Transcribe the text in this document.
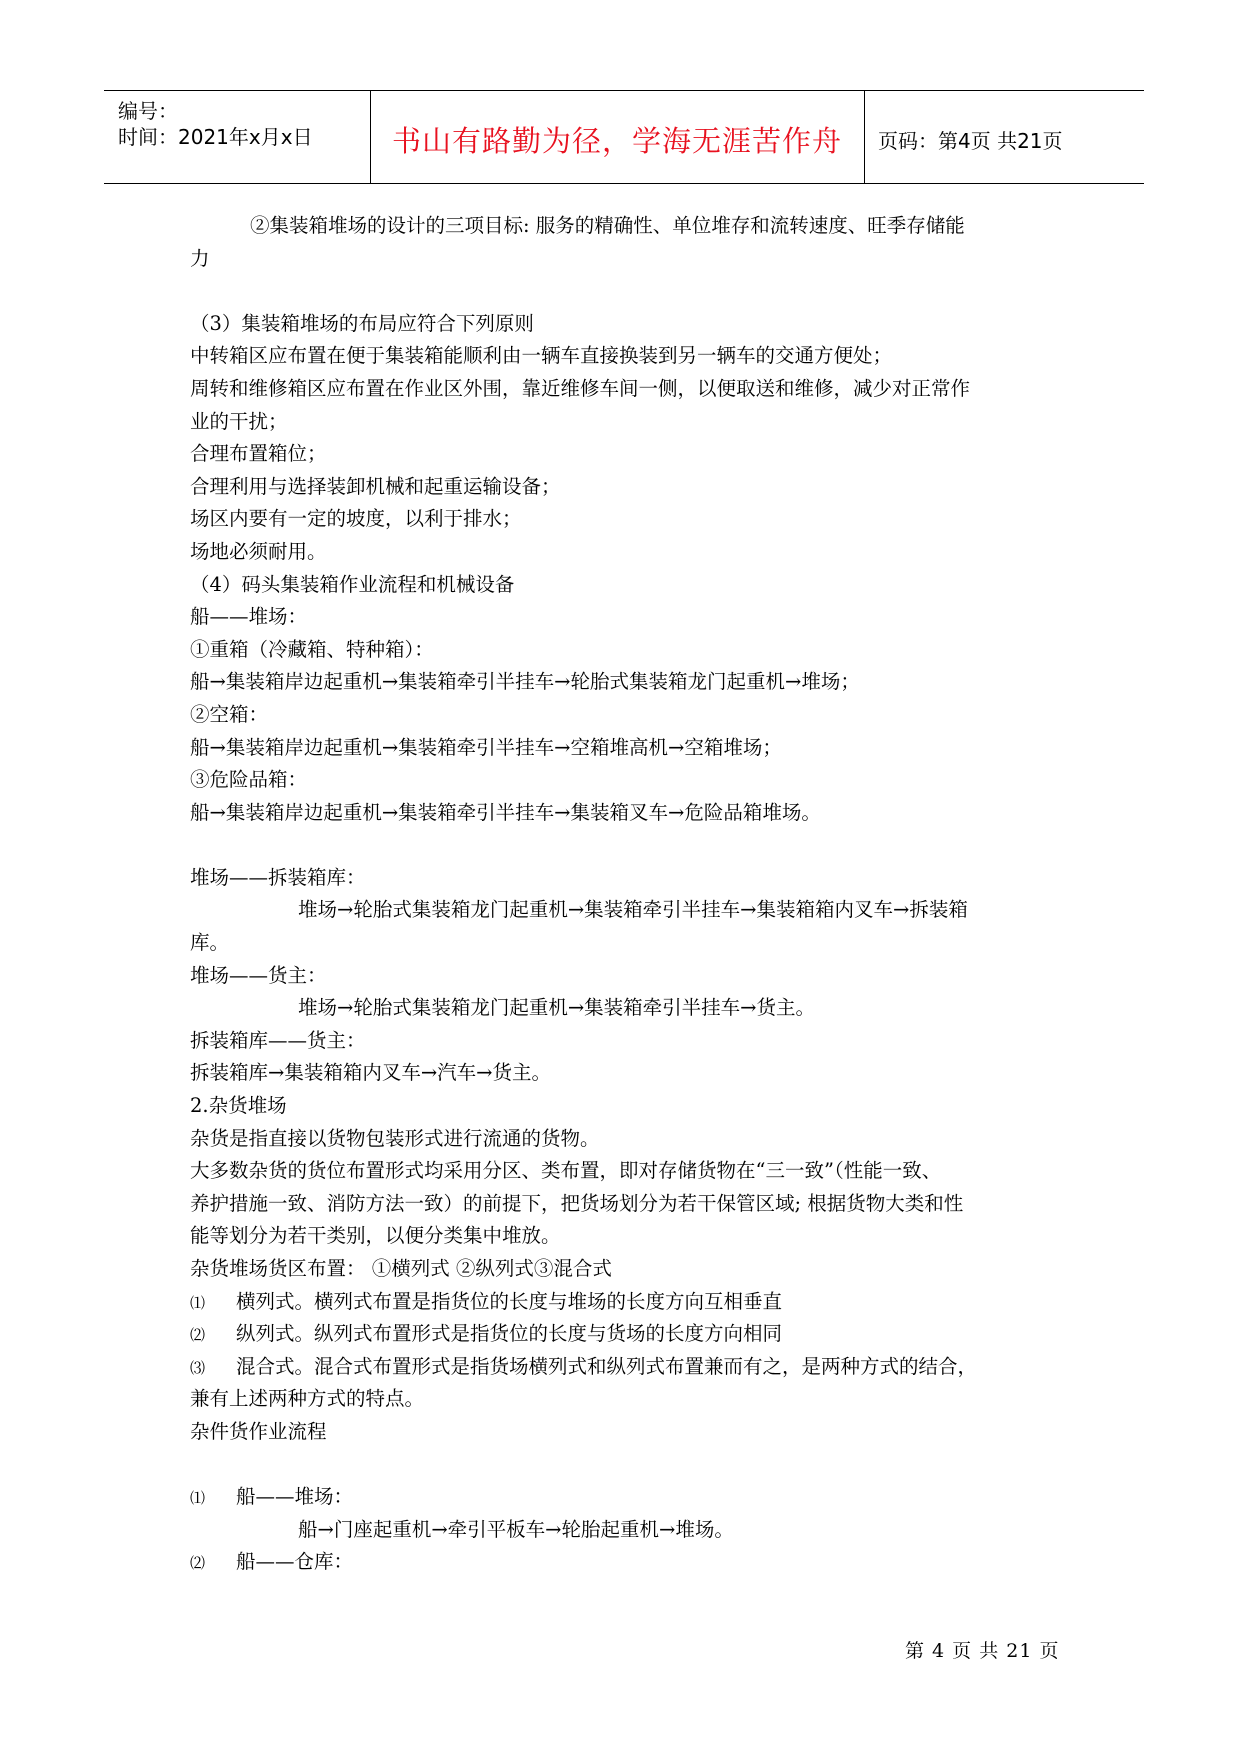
编号：
时间：2021年x月x日	书山有路勤为径，学海无涯苦作舟	页码：第4页 共21页
②集装箱堆场的设计的三项目标: 服务的精确性、单位堆存和流转速度、旺季存储能
力
（3）集装箱堆场的布局应符合下列原则
中转箱区应布置在便于集装箱能顺利由一辆车直接换装到另一辆车的交通方便处；
周转和维修箱区应布置在作业区外围，靠近维修车间一侧，以便取送和维修，减少对正常作
业的干扰；
合理布置箱位；
合理利用与选择装卸机械和起重运输设备；
场区内要有一定的坡度，以利于排水；
场地必须耐用。
（4）码头集装箱作业流程和机械设备
船——堆场：
①重箱（冷藏箱、特种箱）：
船→集装箱岸边起重机→集装箱牵引半挂车→轮胎式集装箱龙门起重机→堆场；
②空箱：
船→集装箱岸边起重机→集装箱牵引半挂车→空箱堆高机→空箱堆场；
③危险品箱：
船→集装箱岸边起重机→集装箱牵引半挂车→集装箱叉车→危险品箱堆场。
堆场——拆装箱库：
堆场→轮胎式集装箱龙门起重机→集装箱牵引半挂车→集装箱箱内叉车→拆装箱
库。
堆场——货主：
堆场→轮胎式集装箱龙门起重机→集装箱牵引半挂车→货主。
拆装箱库——货主：
拆装箱库→集装箱箱内叉车→汽车→货主。
2.杂货堆场
杂货是指直接以货物包装形式进行流通的货物。
大多数杂货的货位布置形式均采用分区、类布置，即对存储货物在“三一致”（性能一致、
养护措施一致、消防方法一致）的前提下，把货场划分为若干保管区域; 根据货物大类和性
能等划分为若干类别，以便分类集中堆放。
杂货堆场货区布置： ①横列式 ②纵列式③混合式
⑴ 横列式。横列式布置是指货位的长度与堆场的长度方向互相垂直
⑵ 纵列式。纵列式布置形式是指货位的长度与货场的长度方向相同
⑶ 混合式。混合式布置形式是指货场横列式和纵列式布置兼而有之，是两种方式的结合，
兼有上述两种方式的特点。
杂件货作业流程
⑴ 船——堆场：
船→门座起重机→牵引平板车→轮胎起重机→堆场。
⑵ 船——仓库：
第 4 页 共 21 页
